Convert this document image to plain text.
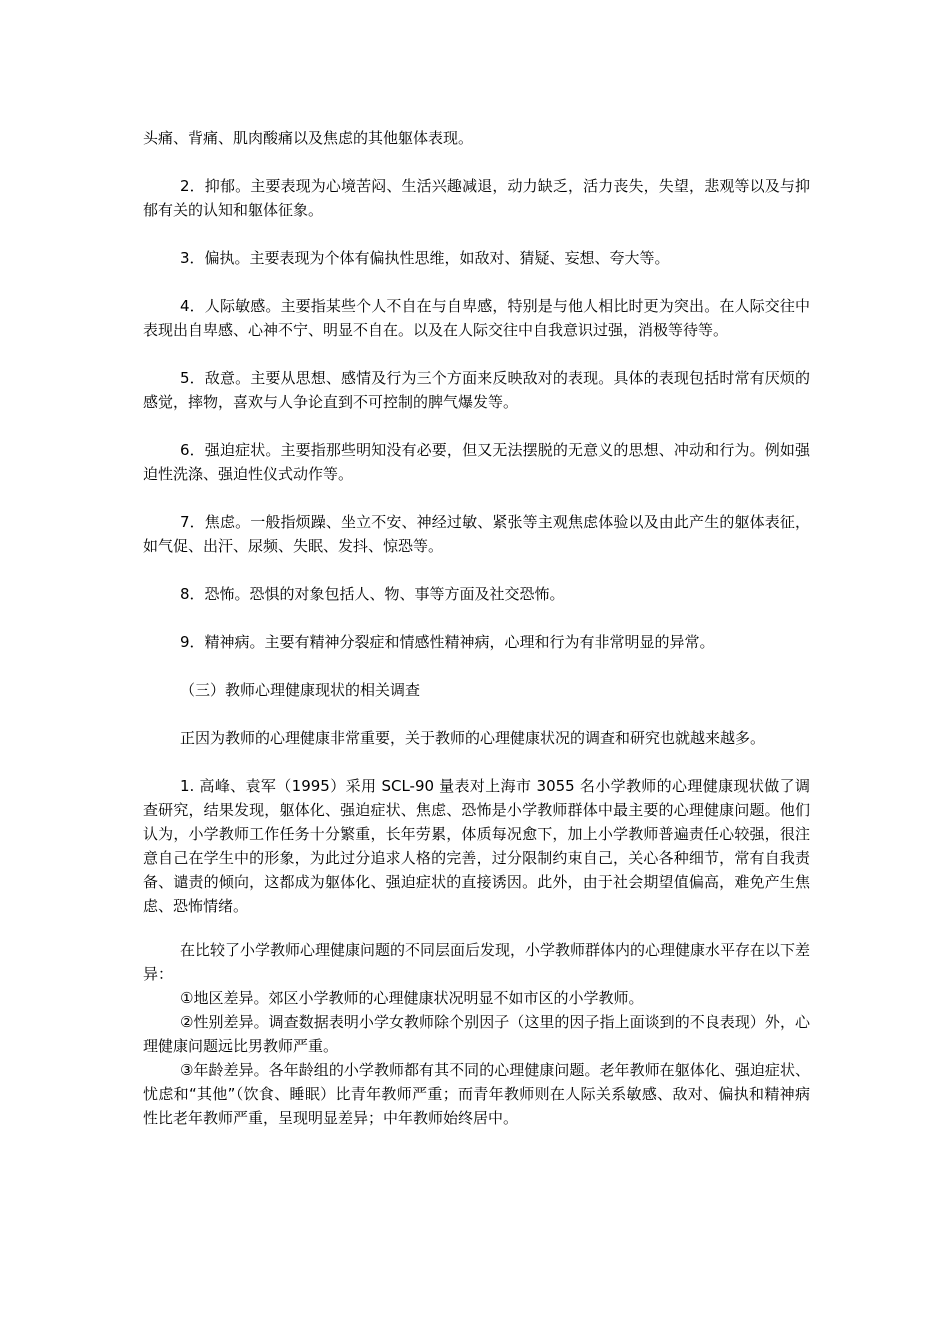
头痛、背痛、肌肉酸痛以及焦虑的其他躯体表现。

2．抑郁。主要表现为心境苦闷、生活兴趣减退，动力缺乏，活力丧失，失望，悲观等以及与抑郁有关的认知和躯体征象。

3．偏执。主要表现为个体有偏执性思维，如敌对、猜疑、妄想、夸大等。

4．人际敏感。主要指某些个人不自在与自卑感，特别是与他人相比时更为突出。在人际交往中表现出自卑感、心神不宁、明显不自在。以及在人际交往中自我意识过强，消极等待等。

5．敌意。主要从思想、感情及行为三个方面来反映敌对的表现。具体的表现包括时常有厌烦的感觉，摔物，喜欢与人争论直到不可控制的脾气爆发等。

6．强迫症状。主要指那些明知没有必要，但又无法摆脱的无意义的思想、冲动和行为。例如强迫性洗涤、强迫性仪式动作等。

7．焦虑。一般指烦躁、坐立不安、神经过敏、紧张等主观焦虑体验以及由此产生的躯体表征，如气促、出汗、尿频、失眠、发抖、惊恐等。

8．恐怖。恐惧的对象包括人、物、事等方面及社交恐怖。

9．精神病。主要有精神分裂症和情感性精神病，心理和行为有非常明显的异常。

（三）教师心理健康现状的相关调查

正因为教师的心理健康非常重要，关于教师的心理健康状况的调查和研究也就越来越多。

1. 高峰、袁军（1995）采用 SCL-90 量表对上海市 3055 名小学教师的心理健康现状做了调查研究，结果发现，躯体化、强迫症状、焦虑、恐怖是小学教师群体中最主要的心理健康问题。他们认为，小学教师工作任务十分繁重，长年劳累，体质每况愈下，加上小学教师普遍责任心较强，很注意自己在学生中的形象，为此过分追求人格的完善，过分限制约束自己，关心各种细节，常有自我责备、谴责的倾向，这都成为躯体化、强迫症状的直接诱因。此外，由于社会期望值偏高，难免产生焦虑、恐怖情绪。

在比较了小学教师心理健康问题的不同层面后发现，小学教师群体内的心理健康水平存在以下差异：

①地区差异。郊区小学教师的心理健康状况明显不如市区的小学教师。

②性别差异。调查数据表明小学女教师除个别因子（这里的因子指上面谈到的不良表现）外，心理健康问题远比男教师严重。

③年龄差异。各年龄组的小学教师都有其不同的心理健康问题。老年教师在躯体化、强迫症状、忧虑和“其他”（饮食、睡眠）比青年教师严重；而青年教师则在人际关系敏感、敌对、偏执和精神病性比老年教师严重，呈现明显差异；中年教师始终居中。
